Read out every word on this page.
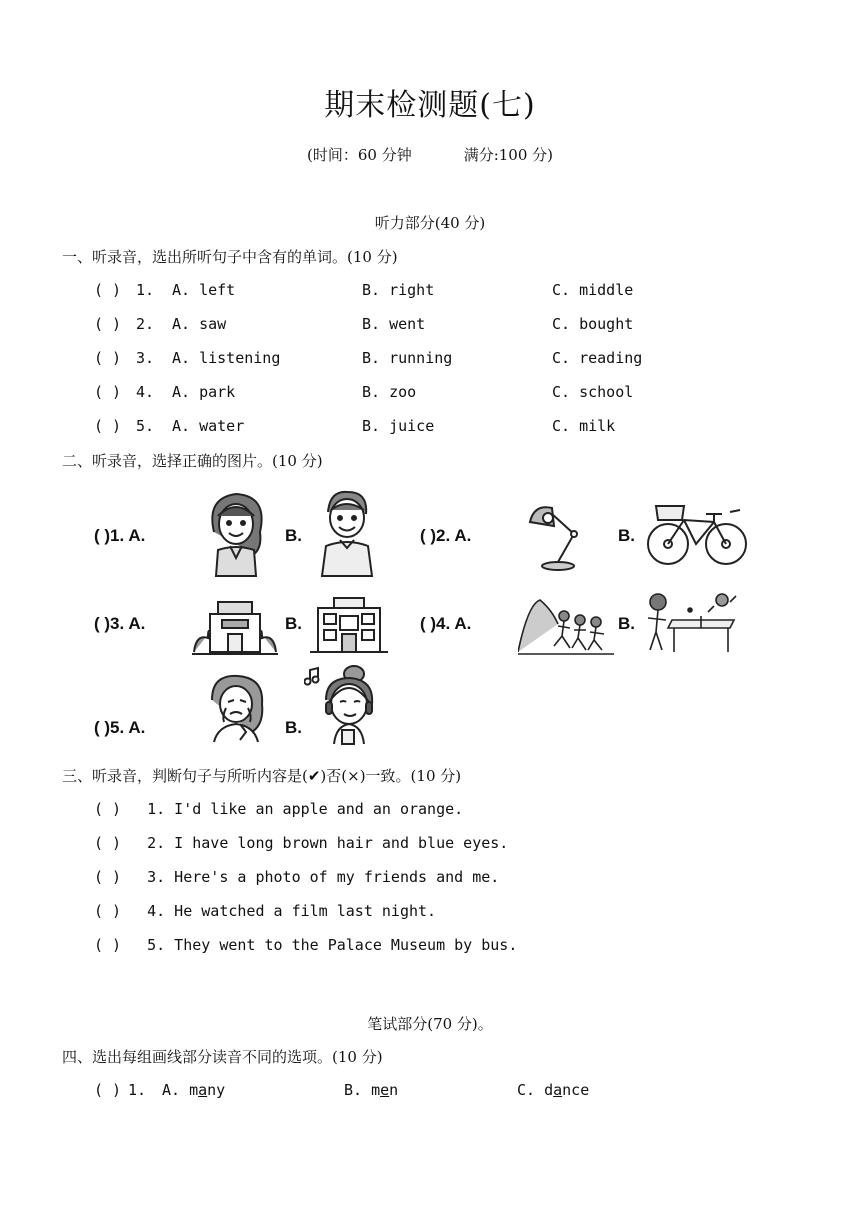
期末检测题(七)
(时间：60 分钟	满分:100 分)
听力部分(40 分)
一、听录音，选出所听句子中含有的单词。(10 分)
( ) 1. A. left	B. right	C. middle
( ) 2. A. saw	B. went	C. bought
( ) 3. A. listening	B. running	C. reading
( ) 4. A. park	B. zoo	C. school
( ) 5. A. water	B. juice	C. milk
二、听录音，选择正确的图片。(10 分)
( )1. A.	B.	( )2. A.	B.
( )3. A.	B.	( )4. A.	B.
( )5. A.	B.
三、听录音，判断句子与所听内容是(✔)否(×)一致。(10 分)
( ) 1. I'd like an apple and an orange.
( ) 2. I have long brown hair and blue eyes.
( ) 3. Here's a photo of my friends and me.
( ) 4. He watched a film last night.
( ) 5. They went to the Palace Museum by bus.
笔试部分(70 分)。
四、选出每组画线部分读音不同的选项。(10 分)
( ) 1. A. many	B. men	C. dance
